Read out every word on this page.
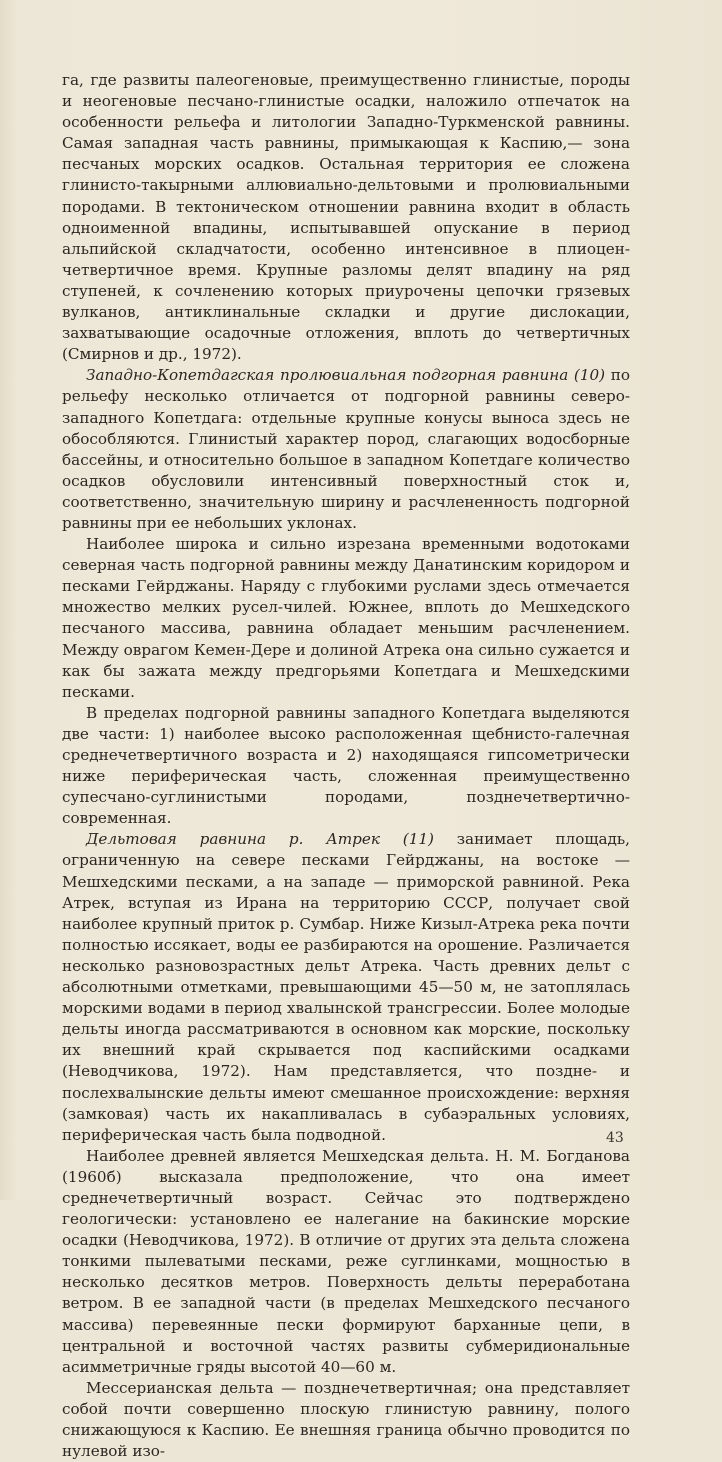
га, где развиты палеогеновые, преимущественно глинистые, породы и неогеновые песчано-глинистые осадки, наложило отпечаток на особенности рельефа и литологии Западно-Туркменской равнины. Самая западная часть равнины, примыкающая к Каспию,— зона песчаных морских осадков. Остальная территория ее сложена глинисто-такырными аллювиально-дельтовыми и пролювиальными породами. В тектоническом отношении равнина входит в область одноименной впадины, испытывавшей опускание в период альпийской складчатости, особенно интенсивное в плиоцен-четвертичное время. Крупные разломы делят впадину на ряд ступеней, к сочленению которых приурочены цепочки грязевых вулканов, антиклинальные складки и другие дислокации, захватывающие осадочные отложения, вплоть до четвертичных (Смирнов и др., 1972).

Западно-Копетдагская пролювиальная подгорная равнина (10) по рельефу несколько отличается от подгорной равнины северо-западного Копетдага: отдельные крупные конусы выноса здесь не обособляются. Глинистый характер пород, слагающих водосборные бассейны, и относительно большое в западном Копетдаге количество осадков обусловили интенсивный поверхностный сток и, соответственно, значительную ширину и расчлененность подгорной равнины при ее небольших уклонах.

Наиболее широка и сильно изрезана временными водотоками северная часть подгорной равнины между Данатинским коридором и песками Гейрджаны. Наряду с глубокими руслами здесь отмечается множество мелких русел-чилей. Южнее, вплоть до Мешхедского песчаного массива, равнина обладает меньшим расчленением. Между оврагом Кемен-Дере и долиной Атрека она сильно сужается и как бы зажата между предгорьями Копетдага и Мешхедскими песками.

В пределах подгорной равнины западного Копетдага выделяются две части: 1) наиболее высоко расположенная щебнисто-галечная среднечетвертичного возраста и 2) находящаяся гипсометрически ниже периферическая часть, сложенная преимущественно супесчано-суглинистыми породами, позднечетвертично-современная.

Дельтовая равнина р. Атрек (11) занимает площадь, ограниченную на севере песками Гейрджаны, на востоке — Мешхедскими песками, а на западе — приморской равниной. Река Атрек, вступая из Ирана на территорию СССР, получает свой наиболее крупный приток р. Сумбар. Ниже Кизыл-Атрека река почти полностью иссякает, воды ее разбираются на орошение. Различается несколько разновозрастных дельт Атрека. Часть древних дельт с абсолютными отметками, превышающими 45—50 м, не затоплялась морскими водами в период хвалынской трансгрессии. Более молодые дельты иногда рассматриваются в основном как морские, поскольку их внешний край скрывается под каспийскими осадками (Неводчикова, 1972). Нам представляется, что поздне- и послехвалынские дельты имеют смешанное происхождение: верхняя (замковая) часть их накапливалась в субаэральных условиях, периферическая часть была подводной.

Наиболее древней является Мешхедская дельта. Н. М. Богданова (1960б) высказала предположение, что она имеет среднечетвертичный возраст. Сейчас это подтверждено геологически: установлено ее налегание на бакинские морские осадки (Неводчикова, 1972). В отличие от других эта дельта сложена тонкими пылеватыми песками, реже суглинками, мощностью в несколько десятков метров. Поверхность дельты переработана ветром. В ее западной части (в пределах Мешхедского песчаного массива) перевеянные пески формируют барханные цепи, в центральной и восточной частях развиты субмеридиональные асимметричные гряды высотой 40—60 м.

Мессерианская дельта — позднечетвертичная; она представляет собой почти совершенно плоскую глинистую равнину, полого снижающуюся к Каспию. Ее внешняя граница обычно проводится по нулевой изо-

43
